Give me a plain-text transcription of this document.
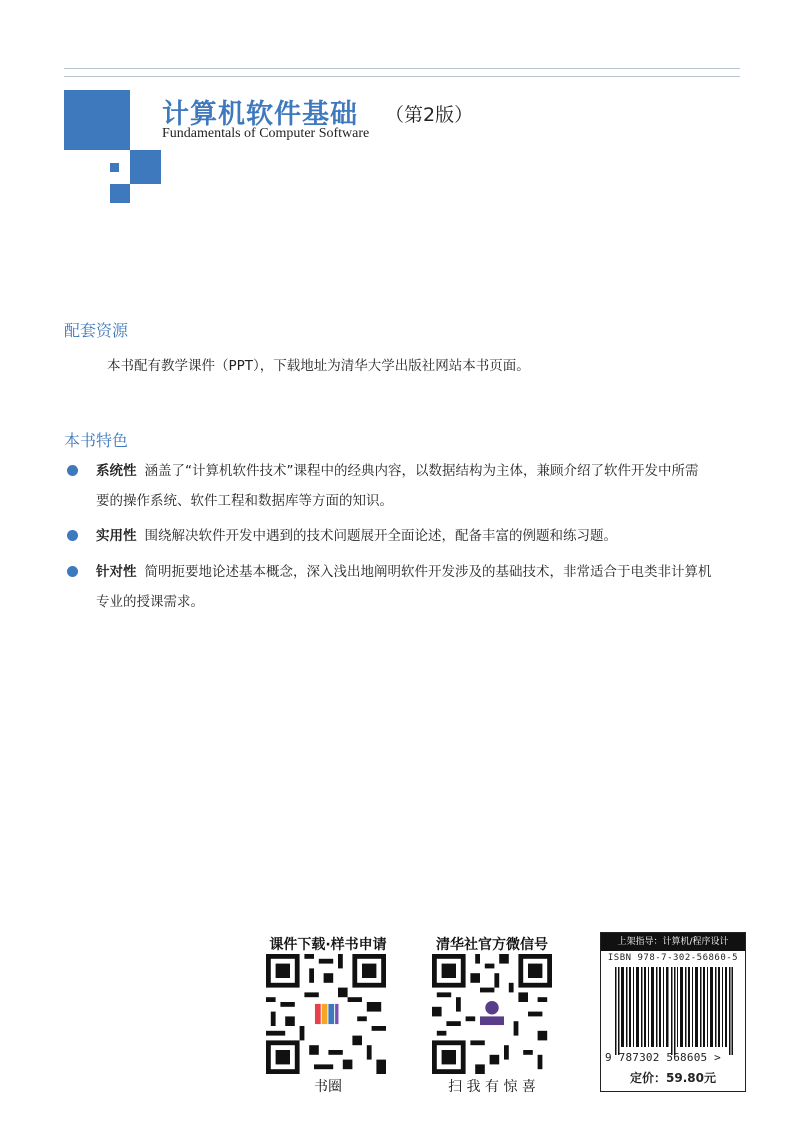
计算机软件基础 （第2版）
Fundamentals of Computer Software
配套资源
本书配有教学课件（PPT），下载地址为清华大学出版社网站本书页面。
本书特色
系统性 涵盖了“计算机软件技术”课程中的经典内容，以数据结构为主体，兼顾介绍了软件开发中所需
要的操作系统、软件工程和数据库等方面的知识。
实用性 围绕解决软件开发中遇到的技术问题展开全面论述，配备丰富的例题和练习题。
针对性 简明扼要地论述基本概念，深入浅出地阐明软件开发涉及的基础技术，非常适合于电类非计算机
专业的授课需求。
课件下载·样书申请
书圈
清华社官方微信号
扫 我 有 惊 喜
上架指导：计算机/程序设计
ISBN 978-7-302-56860-5
9 787302 568605 >
定价：59.80元
